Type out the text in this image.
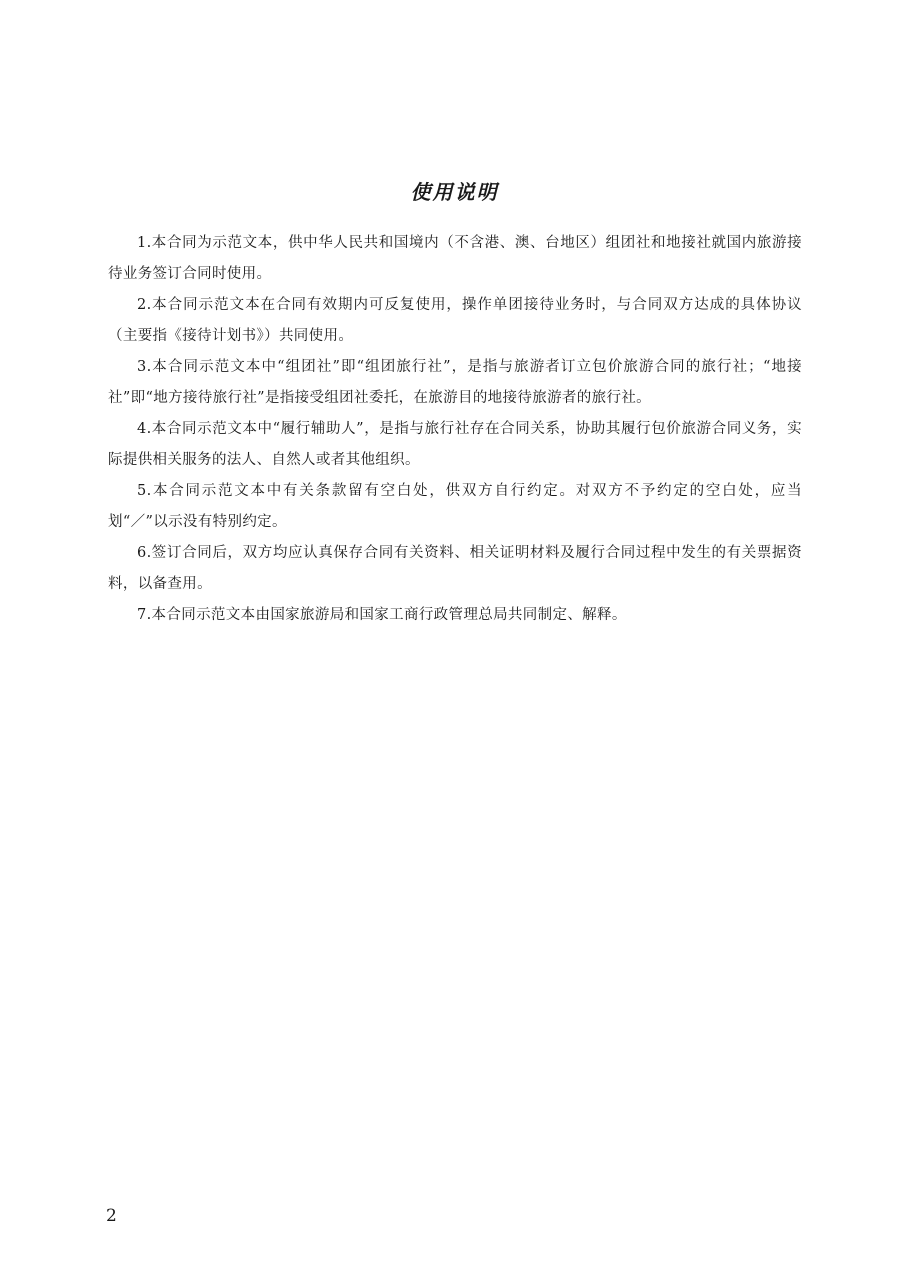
使用说明
1.本合同为示范文本，供中华人民共和国境内（不含港、澳、台地区）组团社和地接社就国内旅游接待业务签订合同时使用。
2.本合同示范文本在合同有效期内可反复使用，操作单团接待业务时，与合同双方达成的具体协议（主要指《接待计划书》）共同使用。
3.本合同示范文本中“组团社”即“组团旅行社”，是指与旅游者订立包价旅游合同的旅行社；“地接社”即“地方接待旅行社”是指接受组团社委托，在旅游目的地接待旅游者的旅行社。
4.本合同示范文本中“履行辅助人”，是指与旅行社存在合同关系，协助其履行包价旅游合同义务，实际提供相关服务的法人、自然人或者其他组织。
5.本合同示范文本中有关条款留有空白处，供双方自行约定。对双方不予约定的空白处，应当划“／”以示没有特别约定。
6.签订合同后，双方均应认真保存合同有关资料、相关证明材料及履行合同过程中发生的有关票据资料，以备查用。
7.本合同示范文本由国家旅游局和国家工商行政管理总局共同制定、解释。

2
